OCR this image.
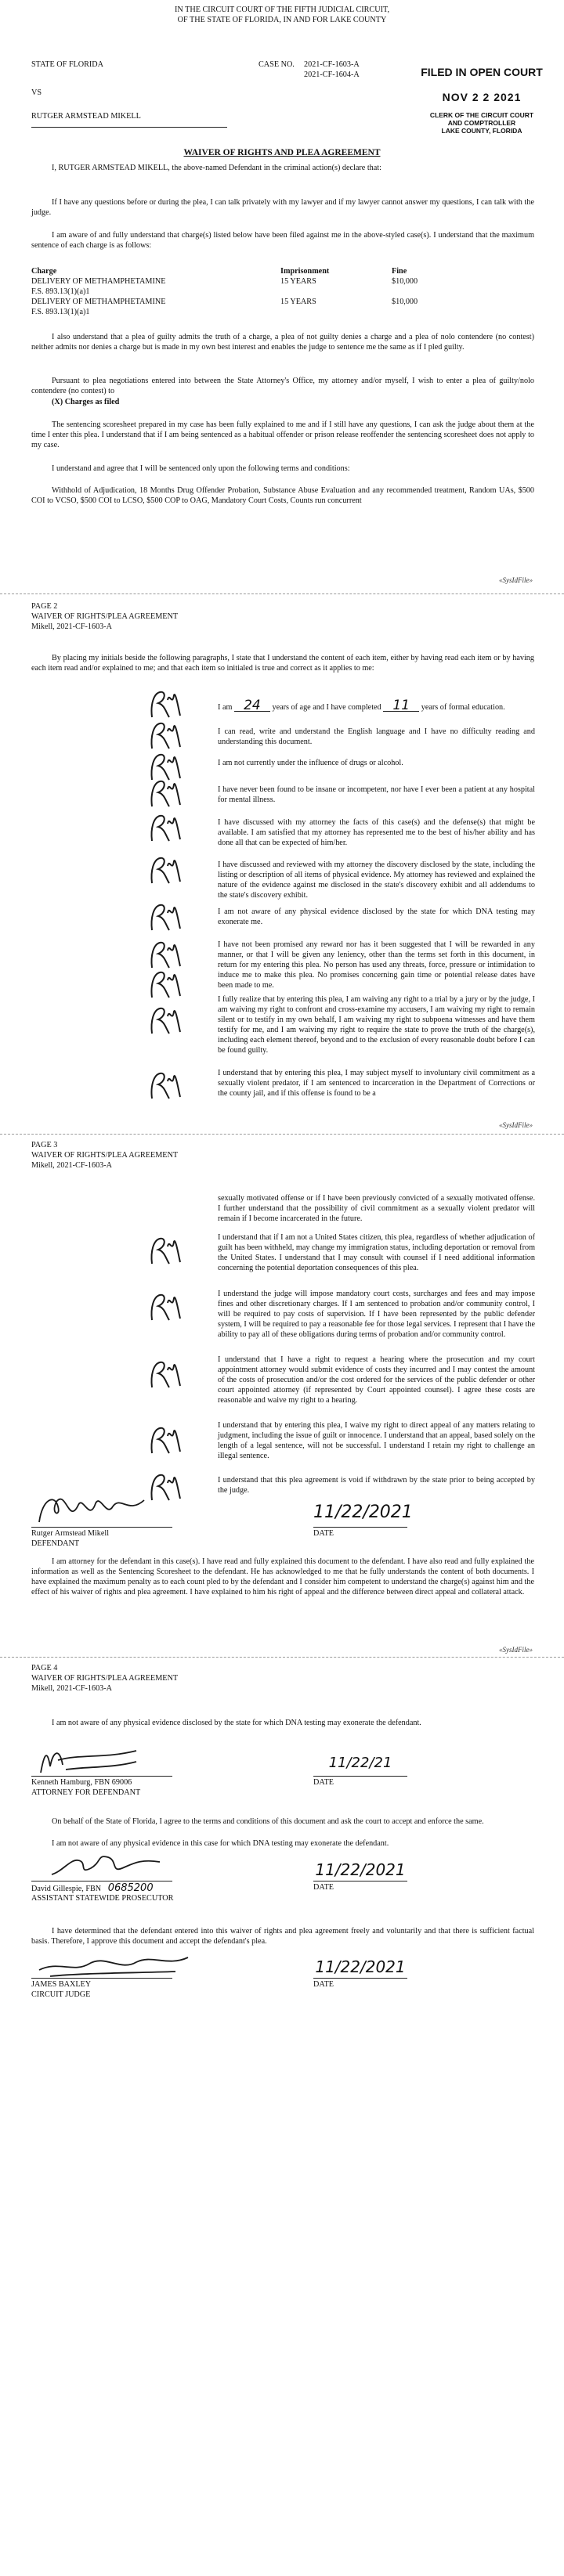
IN THE CIRCUIT COURT OF THE FIFTH JUDICIAL CIRCUIT,

OF THE STATE OF FLORIDA, IN AND FOR LAKE COUNTY

STATE OF FLORIDA

VS

RUTGER ARMSTEAD MIKELL

CASE NO. 2021-CF-1603-A

2021-CF-1604-A	FILED IN OPEN COURT
NOV 2 2 2021
CLERK OF THE CIRCUIT COURT
AND COMPTROLLER
LAKE COUNTY, FLORIDA

WAIVER OF RIGHTS AND PLEA AGREEMENT

I, RUTGER ARMSTEAD MIKELL, the above-named Defendant in the criminal action(s) declare that:

If I have any questions before or during the plea, I can talk privately with my lawyer and if my lawyer cannot answer my questions, I can talk with the judge.

I am aware of and fully understand that charge(s) listed below have been filed against me in the above-styled case(s). I understand that the maximum sentence of each charge is as follows:

Charge	Imprisonment	Fine

DELIVERY OF METHAMPHETAMINE

F.S. 893.13(1)(a)1

15 YEARS	$10,000

DELIVERY OF METHAMPHETAMINE

F.S. 893.13(1)(a)1

15 YEARS	$10,000

I also understand that a plea of guilty admits the truth of a charge, a plea of not guilty denies a charge and a plea of nolo contendere (no contest) neither admits nor denies a charge but is made in my own best interest and enables the judge to sentence me the same as if I pled guilty.

Pursuant to plea negotiations entered into between the State Attorney's Office, my attorney and/or myself, I wish to enter a plea of guilty/nolo contendere (no contest) to

(X) Charges as filed

The sentencing scoresheet prepared in my case has been fully explained to me and if I still have any questions, I can ask the judge about them at the time I enter this plea. I understand that if I am being sentenced as a habitual offender or prison release reoffender the sentencing scoresheet does not apply to my case.

I understand and agree that I will be sentenced only upon the following terms and conditions:

Withhold of Adjudication, 18 Months Drug Offender Probation, Substance Abuse Evaluation and any recommended treatment, Random UAs, $500 COI to VCSO, $500 COI to LCSO, $500 COP to OAG, Mandatory Court Costs, Counts run concurrent

«SysIdFile»

PAGE 2

WAIVER OF RIGHTS/PLEA AGREEMENT

Mikell, 2021-CF-1603-A

By placing my initials beside the following paragraphs, I state that I understand the content of each item, either by having read each item or by having each item read and/or explained to me; and that each item so initialed is true and correct as it applies to me:

I am 24 years of age and I have completed 11 years of formal education.

I can read, write and understand the English language and I have no difficulty reading and understanding this document.

I am not currently under the influence of drugs or alcohol.

I have never been found to be insane or incompetent, nor have I ever been a patient at any hospital for mental illness.

I have discussed with my attorney the facts of this case(s) and the defense(s) that might be available. I am satisfied that my attorney has represented me to the best of his/her ability and has done all that can be expected of him/her.

I have discussed and reviewed with my attorney the discovery disclosed by the state, including the listing or description of all items of physical evidence. My attorney has reviewed and explained the nature of the evidence against me disclosed in the state's discovery exhibit and all addendums to the state's discovery exhibit.

I am not aware of any physical evidence disclosed by the state for which DNA testing may exonerate me.

I have not been promised any reward nor has it been suggested that I will be rewarded in any manner, or that I will be given any leniency, other than the terms set forth in this document, in return for my entering this plea. No person has used any threats, force, pressure or intimidation to induce me to make this plea. No promises concerning gain time or potential release dates have been made to me.

I fully realize that by entering this plea, I am waiving any right to a trial by a jury or by the judge, I am waiving my right to confront and cross-examine my accusers, I am waiving my right to remain silent or to testify in my own behalf, I am waiving my right to subpoena witnesses and have them testify for me, and I am waiving my right to require the state to prove the truth of the charge(s), including each element thereof, beyond and to the exclusion of every reasonable doubt before I can be found guilty.

I understand that by entering this plea, I may subject myself to involuntary civil commitment as a sexually violent predator, if I am sentenced to incarceration in the Department of Corrections or the county jail, and if this offense is found to be a

«SysIdFile»

PAGE 3

WAIVER OF RIGHTS/PLEA AGREEMENT

Mikell, 2021-CF-1603-A

sexually motivated offense or if I have been previously convicted of a sexually motivated offense. I further understand that the possibility of civil commitment as a sexually violent predator will remain if I become incarcerated in the future.

I understand that if I am not a United States citizen, this plea, regardless of whether adjudication of guilt has been withheld, may change my immigration status, including deportation or removal from the United States. I understand that I may consult with counsel if I need additional information concerning the potential deportation consequences of this plea.

I understand the judge will impose mandatory court costs, surcharges and fees and may impose fines and other discretionary charges. If I am sentenced to probation and/or community control, I will be required to pay costs of supervision. If I have been represented by the public defender system, I will be required to pay a reasonable fee for those legal services. I represent that I have the ability to pay all of these obligations during terms of probation and/or community control.

I understand that I have a right to request a hearing where the prosecution and my court appointment attorney would submit evidence of costs they incurred and I may contest the amount of the costs of prosecution and/or the cost ordered for the services of the public defender or other court appointed attorney (if represented by Court appointed counsel). I agree these costs are reasonable and waive my right to a hearing.

I understand that by entering this plea, I waive my right to direct appeal of any matters relating to judgment, including the issue of guilt or innocence. I understand that an appeal, based solely on the length of a legal sentence, will not be successful. I understand I retain my right to challenge an illegal sentence.

I understand that this plea agreement is void if withdrawn by the state prior to being accepted by the judge.

Rutger Armstead Mikell

DEFENDANT

11/22/2021

DATE

I am attorney for the defendant in this case(s). I have read and fully explained this document to the defendant. I have also read and fully explained the information as well as the Sentencing Scoresheet to the defendant. He has acknowledged to me that he fully understands the content of both documents. I have explained the maximum penalty as to each count pled to by the defendant and I consider him competent to understand the charge(s) against him and the effect of his waiver of rights and plea agreement. I have explained to him his right of appeal and the difference between direct appeal and collateral attack.

«SysIdFile»

PAGE 4

WAIVER OF RIGHTS/PLEA AGREEMENT

Mikell, 2021-CF-1603-A

I am not aware of any physical evidence disclosed by the state for which DNA testing may exonerate the defendant.

Kenneth Hamburg, FBN 69006

ATTORNEY FOR DEFENDANT

11/22/21

DATE

On behalf of the State of Florida, I agree to the terms and conditions of this document and ask the court to accept and enforce the same.

I am not aware of any physical evidence in this case for which DNA testing may exonerate the defendant.

David Gillespie, FBN 0685200

ASSISTANT STATEWIDE PROSECUTOR

11/22/2021

DATE

I have determined that the defendant entered into this waiver of rights and plea agreement freely and voluntarily and that there is sufficient factual basis. Therefore, I approve this document and accept the defendant's plea.

JAMES BAXLEY

CIRCUIT JUDGE

11/22/2021

DATE
